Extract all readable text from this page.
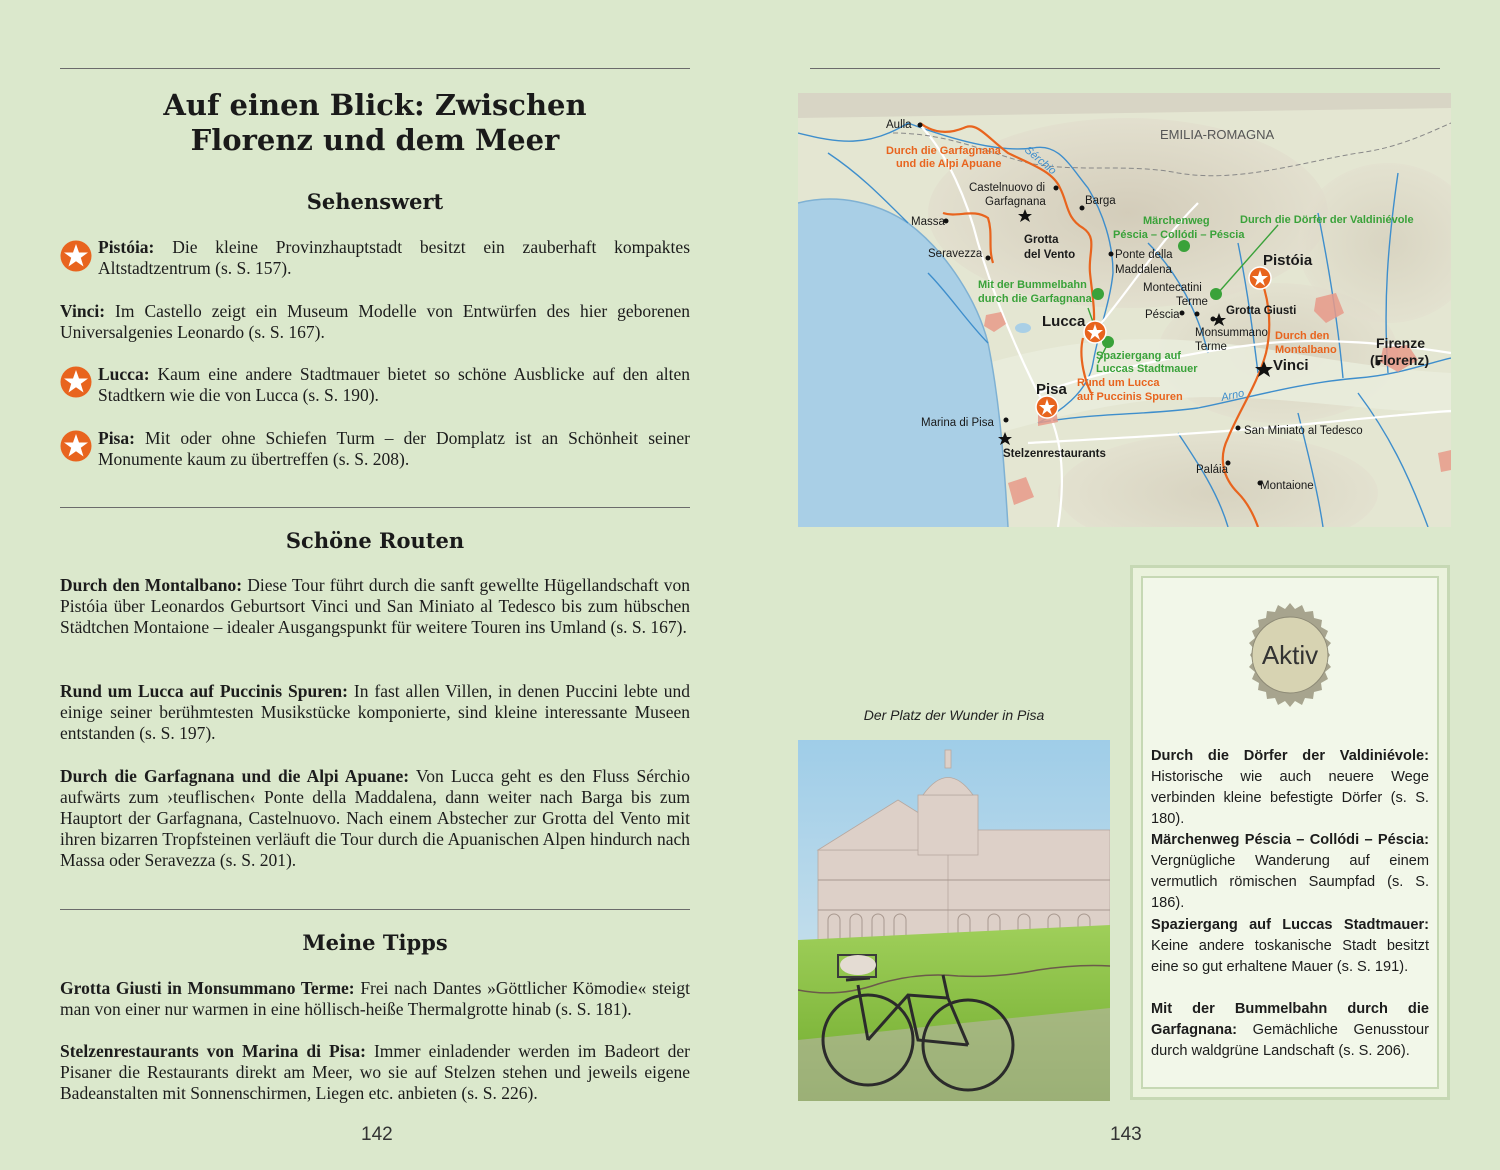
Auf einen Blick: Zwischen
Florenz und dem Meer
Sehenswert

Pistóia: Die kleine Provinzhauptstadt besitzt ein zauberhaft kompaktes Altstadtzentrum (s. S. 157).

Vinci: Im Castello zeigt ein Museum Modelle von Entwürfen des hier geborenen Universalgenies Leonardo (s. S. 167).

Lucca: Kaum eine andere Stadtmauer bietet so schöne Ausblicke auf den alten Stadtkern wie die von Lucca (s. S. 190).

Pisa: Mit oder ohne Schiefen Turm – der Domplatz ist an Schönheit seiner Monumente kaum zu übertreffen (s. S. 208).

Schöne Routen

Durch den Montalbano: Diese Tour führt durch die sanft gewellte Hügellandschaft von Pistóia über Leonardos Geburtsort Vinci und San Miniato al Tedesco bis zum hübschen Städtchen Montaione – idealer Ausgangspunkt für weitere Touren ins Umland (s. S. 167).

Rund um Lucca auf Puccinis Spuren: In fast allen Villen, in denen Puccini lebte und einige seiner berühmtesten Musikstücke komponierte, sind kleine interessante Museen entstanden (s. S. 197).

Durch die Garfagnana und die Alpi Apuane: Von Lucca geht es den Fluss Sérchio aufwärts zum ›teuflischen‹ Ponte della Maddalena, dann weiter nach Barga bis zum Hauptort der Garfagnana, Castelnuovo. Nach einem Abstecher zur Grotta del Vento mit ihren bizarren Tropfsteinen verläuft die Tour durch die Apuanischen Alpen hindurch nach Massa oder Seravezza (s. S. 201).

Meine Tipps

Grotta Giusti in Monsummano Terme: Frei nach Dantes »Göttlicher Kömodie« steigt man von einer nur warmen in eine höllisch-heiße Thermalgrotte hinab (s. S. 181).

Stelzenrestaurants von Marina di Pisa: Immer einladender werden im Badeort der Pisaner die Restaurants direkt am Meer, wo sie auf Stelzen stehen und jeweils eigene Badeanstalten mit Sonnenschirmen, Liegen etc. anbieten (s. S. 226).

142
EMILIA-ROMAGNA
Sérchio
Arno
Aulla
Castelnuovo di
Garfagnana	Barga
Massa
Seravezza	Ponte della
Maddalena
Montecatini
Terme
Péscia
Monsummano
Terme
Marina di Pisa
San Miniato al Tedesco
Paláia
Montaione
Grotta
del Vento
Grotta Giusti
Stelzenrestaurants
Pistóia
Lucca
Pisa
Vinci
Firenze
(Florenz)
Durch die Garfagnana
und die Alpi Apuane
Durch den
Montalbano
Rund um Lucca
auf Puccinis Spuren
Märchenweg
Péscia – Collódi – Péscia
Durch die Dörfer der Valdiniévole
Mit der Bummelbahn
durch die Garfagnana
Spaziergang auf
Luccas Stadtmauer
Der Platz der Wunder in Pisa
Aktiv

Durch die Dörfer der Valdiniévole: Historische wie auch neuere Wege verbinden kleine befestigte Dörfer (s. S. 180).

Märchenweg Péscia – Collódi – Péscia: Vergnügliche Wanderung auf einem vermutlich römischen Saumpfad (s. S. 186).

Spaziergang auf Luccas Stadtmauer: Keine andere toskanische Stadt besitzt eine so gut erhaltene Mauer (s. S. 191).

Mit der Bummelbahn durch die Garfagnana: Gemächliche Genusstour durch waldgrüne Landschaft (s. S. 206).

143
